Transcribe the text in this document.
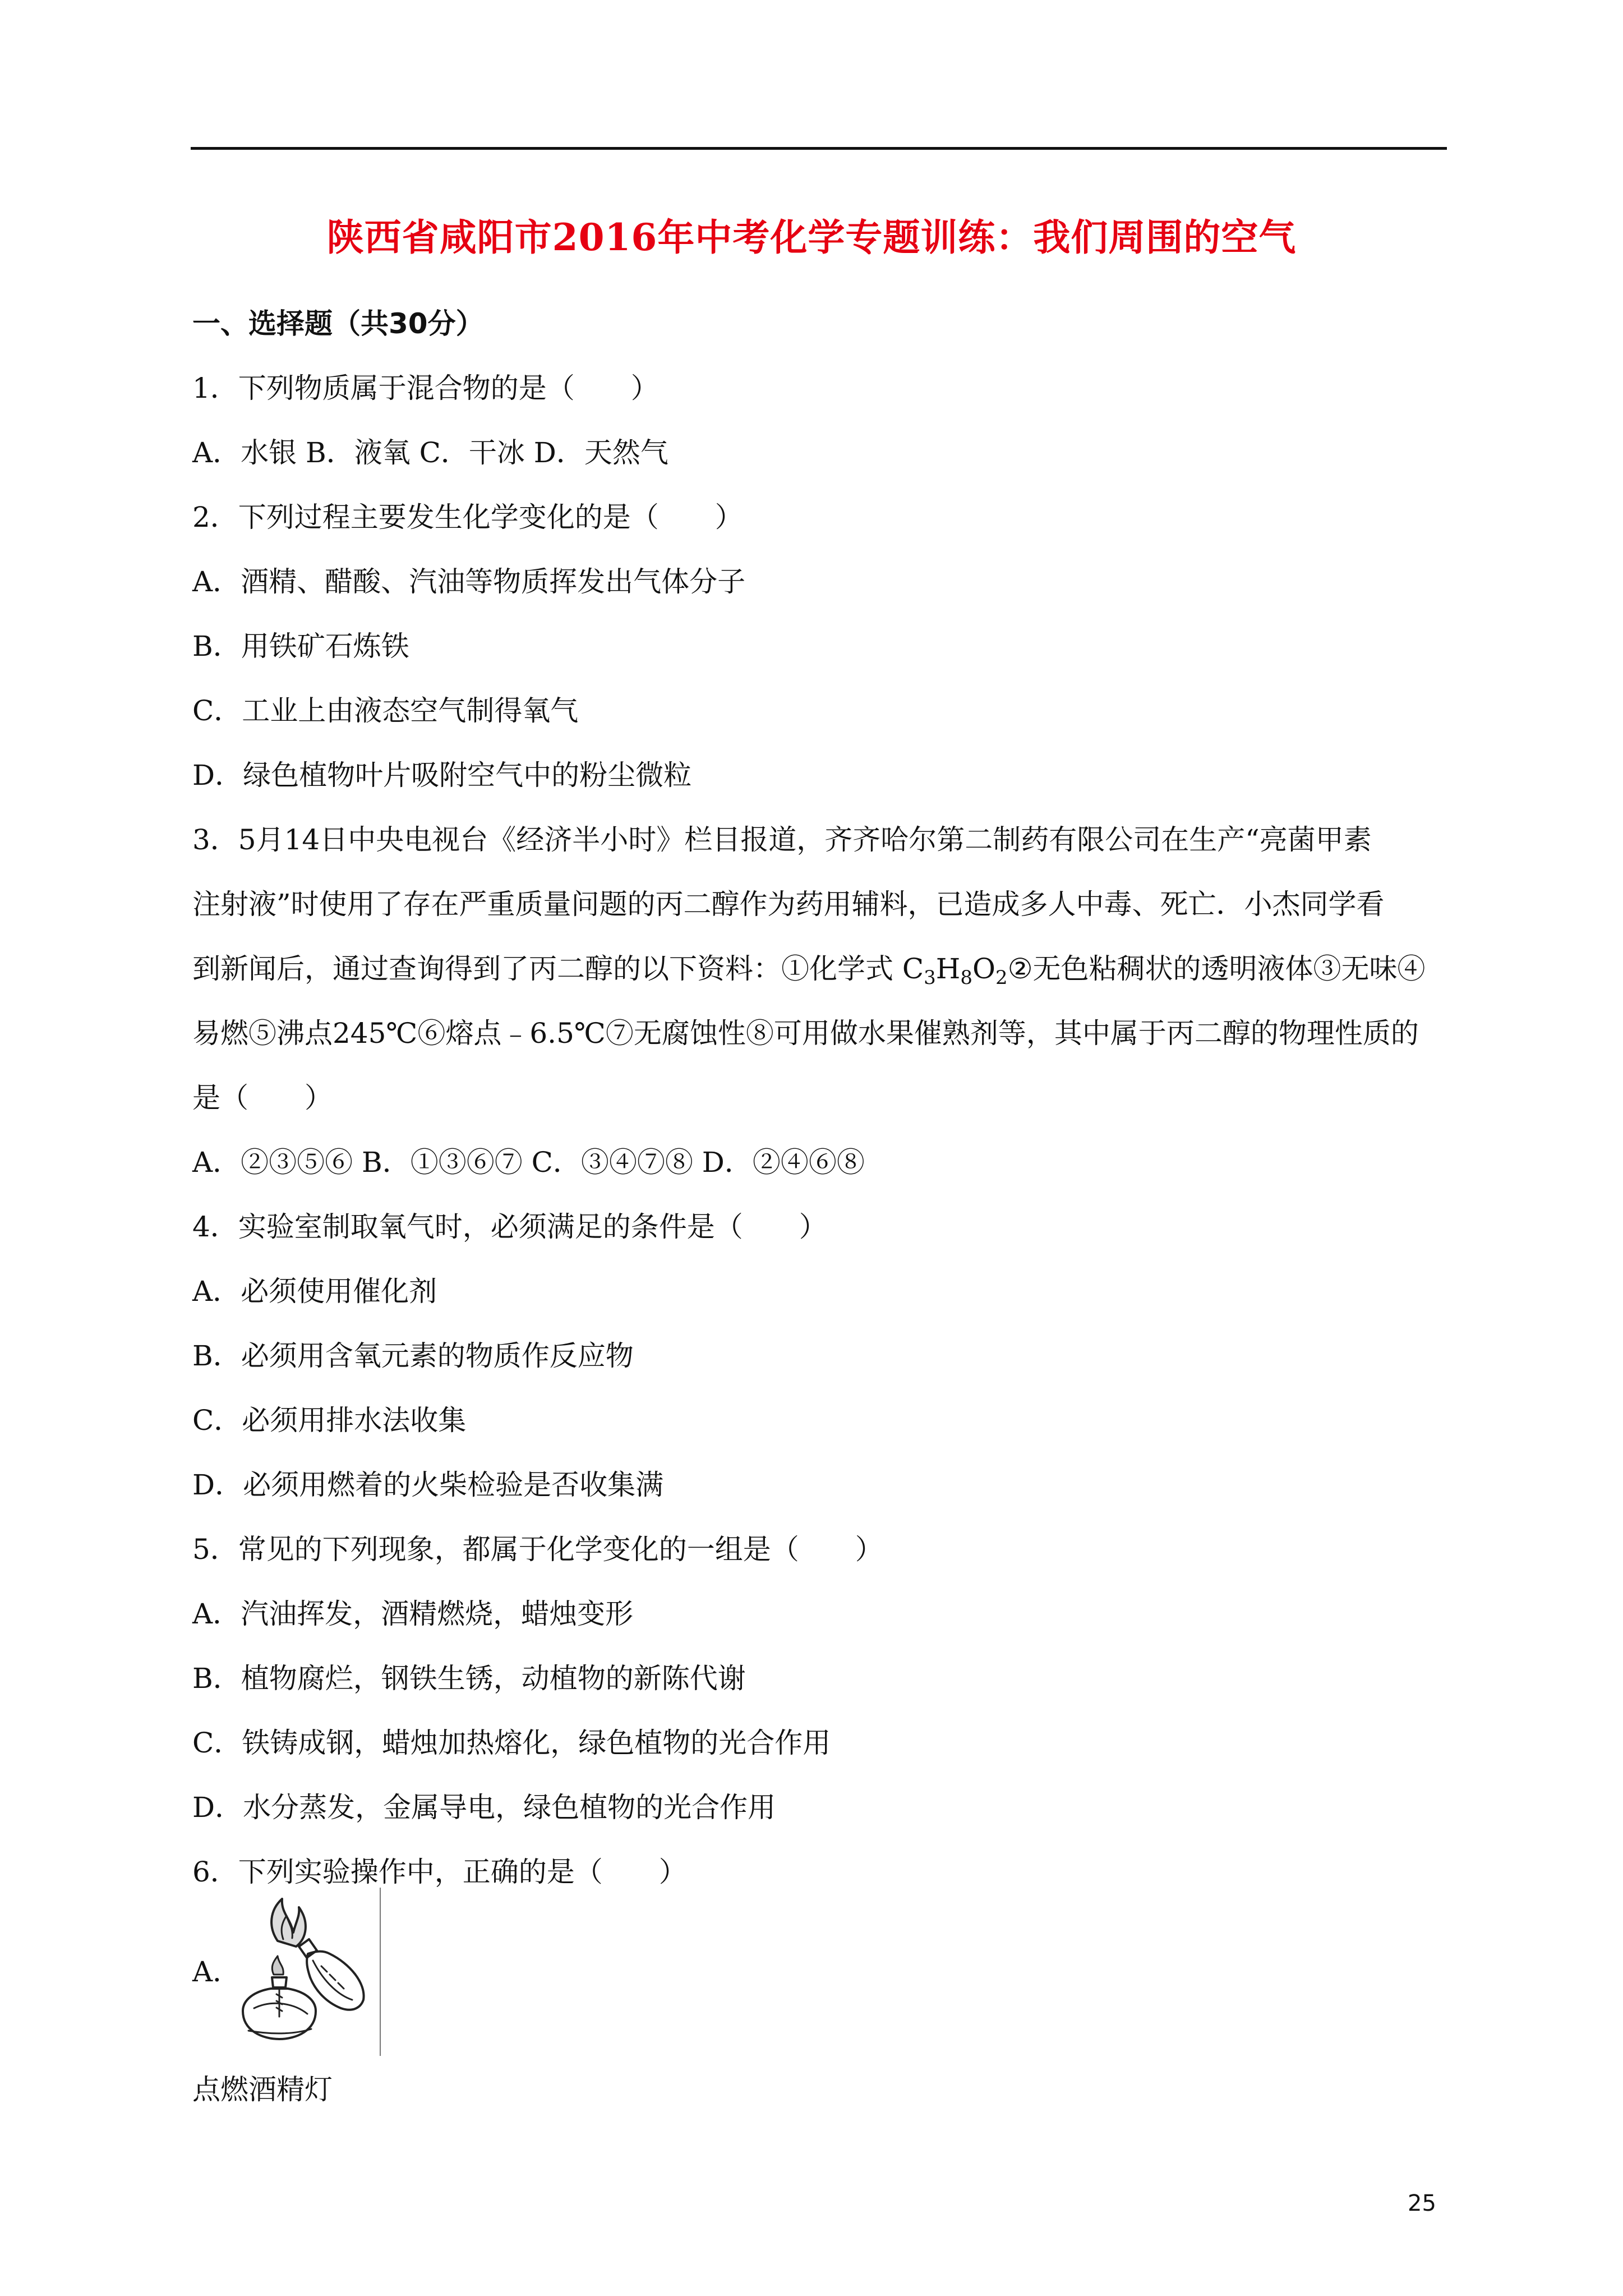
陕西省咸阳市2016年中考化学专题训练：我们周围的空气
一、选择题（共30分）
1．下列物质属于混合物的是（　　）
A．水银 B．液氧 C．干冰 D．天然气
2．下列过程主要发生化学变化的是（　　）
A．酒精、醋酸、汽油等物质挥发出气体分子
B．用铁矿石炼铁
C．工业上由液态空气制得氧气
D．绿色植物叶片吸附空气中的粉尘微粒
3．5月14日中央电视台《经济半小时》栏目报道，齐齐哈尔第二制药有限公司在生产“亮菌甲素
注射液”时使用了存在严重质量问题的丙二醇作为药用辅料，已造成多人中毒、死亡．小杰同学看
到新闻后，通过查询得到了丙二醇的以下资料：①化学式 $C_3H_8O_2②$无色粘稠状的透明液体③无味④
易燃⑤沸点245℃⑥熔点﹣6.5℃⑦无腐蚀性⑧可用做水果催熟剂等，其中属于丙二醇的物理性质的
是（　　）
A．②③⑤⑥ B．①③⑥⑦ C．③④⑦⑧ D．②④⑥⑧
4．实验室制取氧气时，必须满足的条件是（　　）
A．必须使用催化剂
B．必须用含氧元素的物质作反应物
C．必须用排水法收集
D．必须用燃着的火柴检验是否收集满
5．常见的下列现象，都属于化学变化的一组是（　　）
A．汽油挥发，酒精燃烧，蜡烛变形
B．植物腐烂，钢铁生锈，动植物的新陈代谢
C．铁铸成钢，蜡烛加热熔化，绿色植物的光合作用
D．水分蒸发，金属导电，绿色植物的光合作用
6．下列实验操作中，正确的是（　　）
A．
点燃酒精灯
25
